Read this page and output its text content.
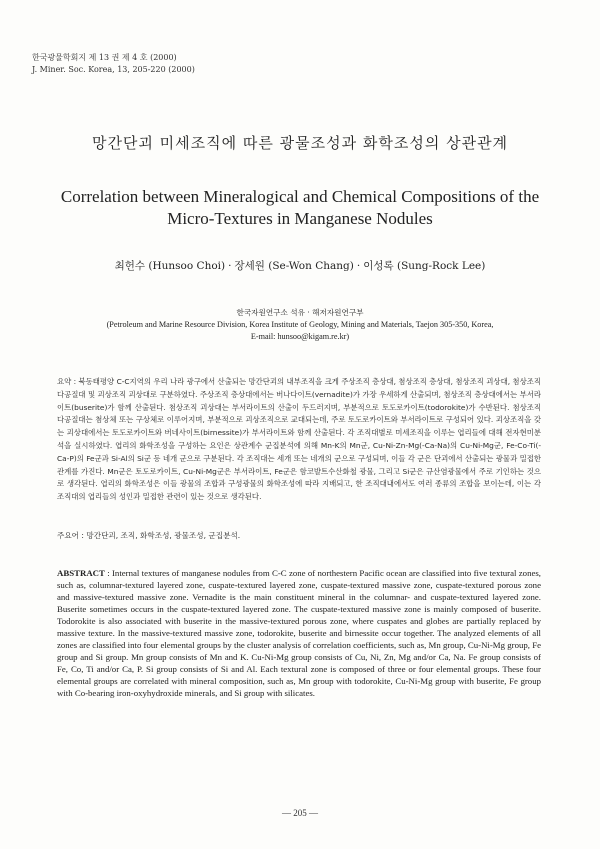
한국광물학회지 제 13 권 제 4 호 (2000)
J. Miner. Soc. Korea, 13, 205-220 (2000)
망간단괴 미세조직에 따른 광물조성과 화학조성의 상관관계
Correlation between Mineralogical and Chemical Compositions of the Micro-Textures in Manganese Nodules
최헌수 (Hunsoo Choi) · 장세원 (Se-Won Chang) · 이성록 (Sung-Rock Lee)
한국자원연구소 석유 · 해저자원연구부
(Petroleum and Marine Resource Division, Korea Institute of Geology, Mining and Materials, Taejon 305-350, Korea,
E-mail: hunsoo@kigam.re.kr)
요약 : 북동태평양 C-C지역의 우리 나라 광구에서 산출되는 망간단괴의 내부조직을 크게 주상조직 층상대, 첨상조직 층상대, 첨상조직 괴상대, 첨상조직 다공질대 및 괴상조직 괴상대로 구분하였다. 주상조직 층상대에서는 버나다이트(vernadite)가 가장 우세하게 산출되며, 첨상조직 층상대에서는 부서라이트(buserite)가 함께 산출된다. 첨상조직 괴상대는 부서라이트의 산출이 두드러지며, 부분적으로 토도로카이트(todorokite)가 수반된다. 첨상조직 다공질대는 첨상체 또는 구상체로 이루어지며, 부분적으로 괴상조직으로 교대되는데, 주로 토도로카이트와 부서라이트로 구성되어 있다. 괴상조직을 갖는 괴상대에서는 토도로카이트와 버네사이트(birnessite)가 부서라이트와 함께 산출된다. 각 조직대별로 미세조직을 이루는 엽리들에 대해 전자현미분석을 실시하였다. 엽리의 화학조성을 구성하는 요인은 상관계수 군집분석에 의해 Mn-K의 Mn군, Cu-Ni-Zn-Mg(-Ca-Na)의 Cu-Ni-Mg군, Fe-Co-Ti(-Ca-P)의 Fe군과 Si-Al의 Si군 등 네개 군으로 구분된다. 각 조직대는 세개 또는 네개의 군으로 구성되며, 이들 각 군은 단괴에서 산출되는 광물과 밀접한 관계를 가진다. Mn군은 토도로카이트, Cu-Ni-Mg군은 부서라이트, Fe군은 함코발트수산화철 광물, 그리고 Si군은 규산염광물에서 주로 기인하는 것으로 생각된다. 엽리의 화학조성은 이들 광물의 조합과 구성광물의 화학조성에 따라 지배되고, 한 조직대내에서도 여러 종류의 조합을 보이는데, 이는 각 조직대의 엽리들의 성인과 밀접한 관련이 있는 것으로 생각된다.
주요어 : 망간단괴, 조직, 화학조성, 광물조성, 군집분석.
ABSTRACT : Internal textures of manganese nodules from C-C zone of northestern Pacific ocean are classified into five textural zones, such as, columnar-textured layered zone, cuspate-textured layered zone, cuspate-textured massive zone, cuspate-textured porous zone and massive-textured massive zone. Vernadite is the main constituent mineral in the columnar- and cuspate-textured layered zone. Buserite sometimes occurs in the cuspate-textured layered zone. The cuspate-textured massive zone is mainly composed of buserite. Todorokite is also associated with buserite in the massive-textured porous zone, where cuspates and globes are partially replaced by massive texture. In the massive-textured massive zone, todorokite, buserite and birnessite occur together. The analyzed elements of all zones are classified into four elemental groups by the cluster analysis of correlation coefficients, such as, Mn group, Cu-Ni-Mg group, Fe group and Si group. Mn group consists of Mn and K. Cu-Ni-Mg group consists of Cu, Ni, Zn, Mg and/or Ca, Na. Fe group consists of Fe, Co, Ti and/or Ca, P. Si group consists of Si and Al. Each textural zone is composed of three or four elemental groups. These four elemental groups are correlated with mineral composition, such as, Mn group with todorokite, Cu-Ni-Mg group with buserite, Fe group with Co-bearing iron-oxyhydroxide minerals, and Si group with silicates.
— 205 —
